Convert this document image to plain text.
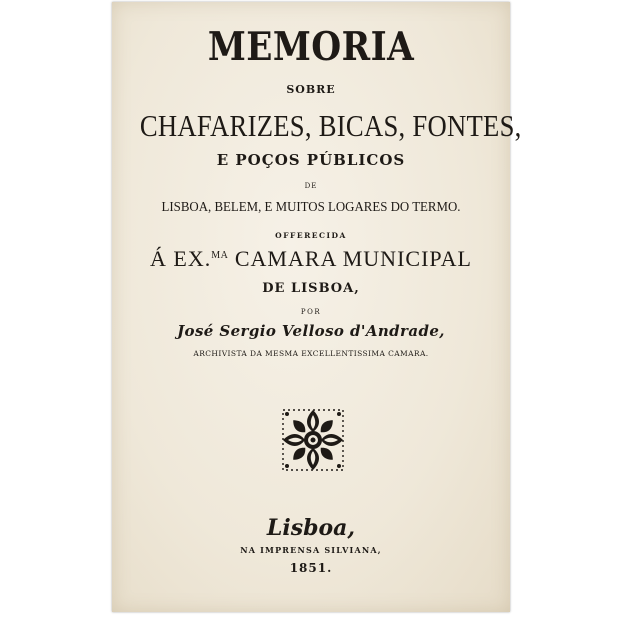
MEMORIA
SOBRE
CHAFARIZES, BICAS, FONTES,
E POÇOS PÚBLICOS
DE
LISBOA, BELEM, E MUITOS LOGARES DO TERMO.
OFFERECIDA
Á EX.$^{MA}$ CAMARA MUNICIPAL
DE LISBOA,
POR
José Sergio Velloso d'Andrade,
ARCHIVISTA DA MESMA EXCELLENTISSIMA CAMARA.
Lisboa,
NA IMPRENSA SILVIANA,
1851.
